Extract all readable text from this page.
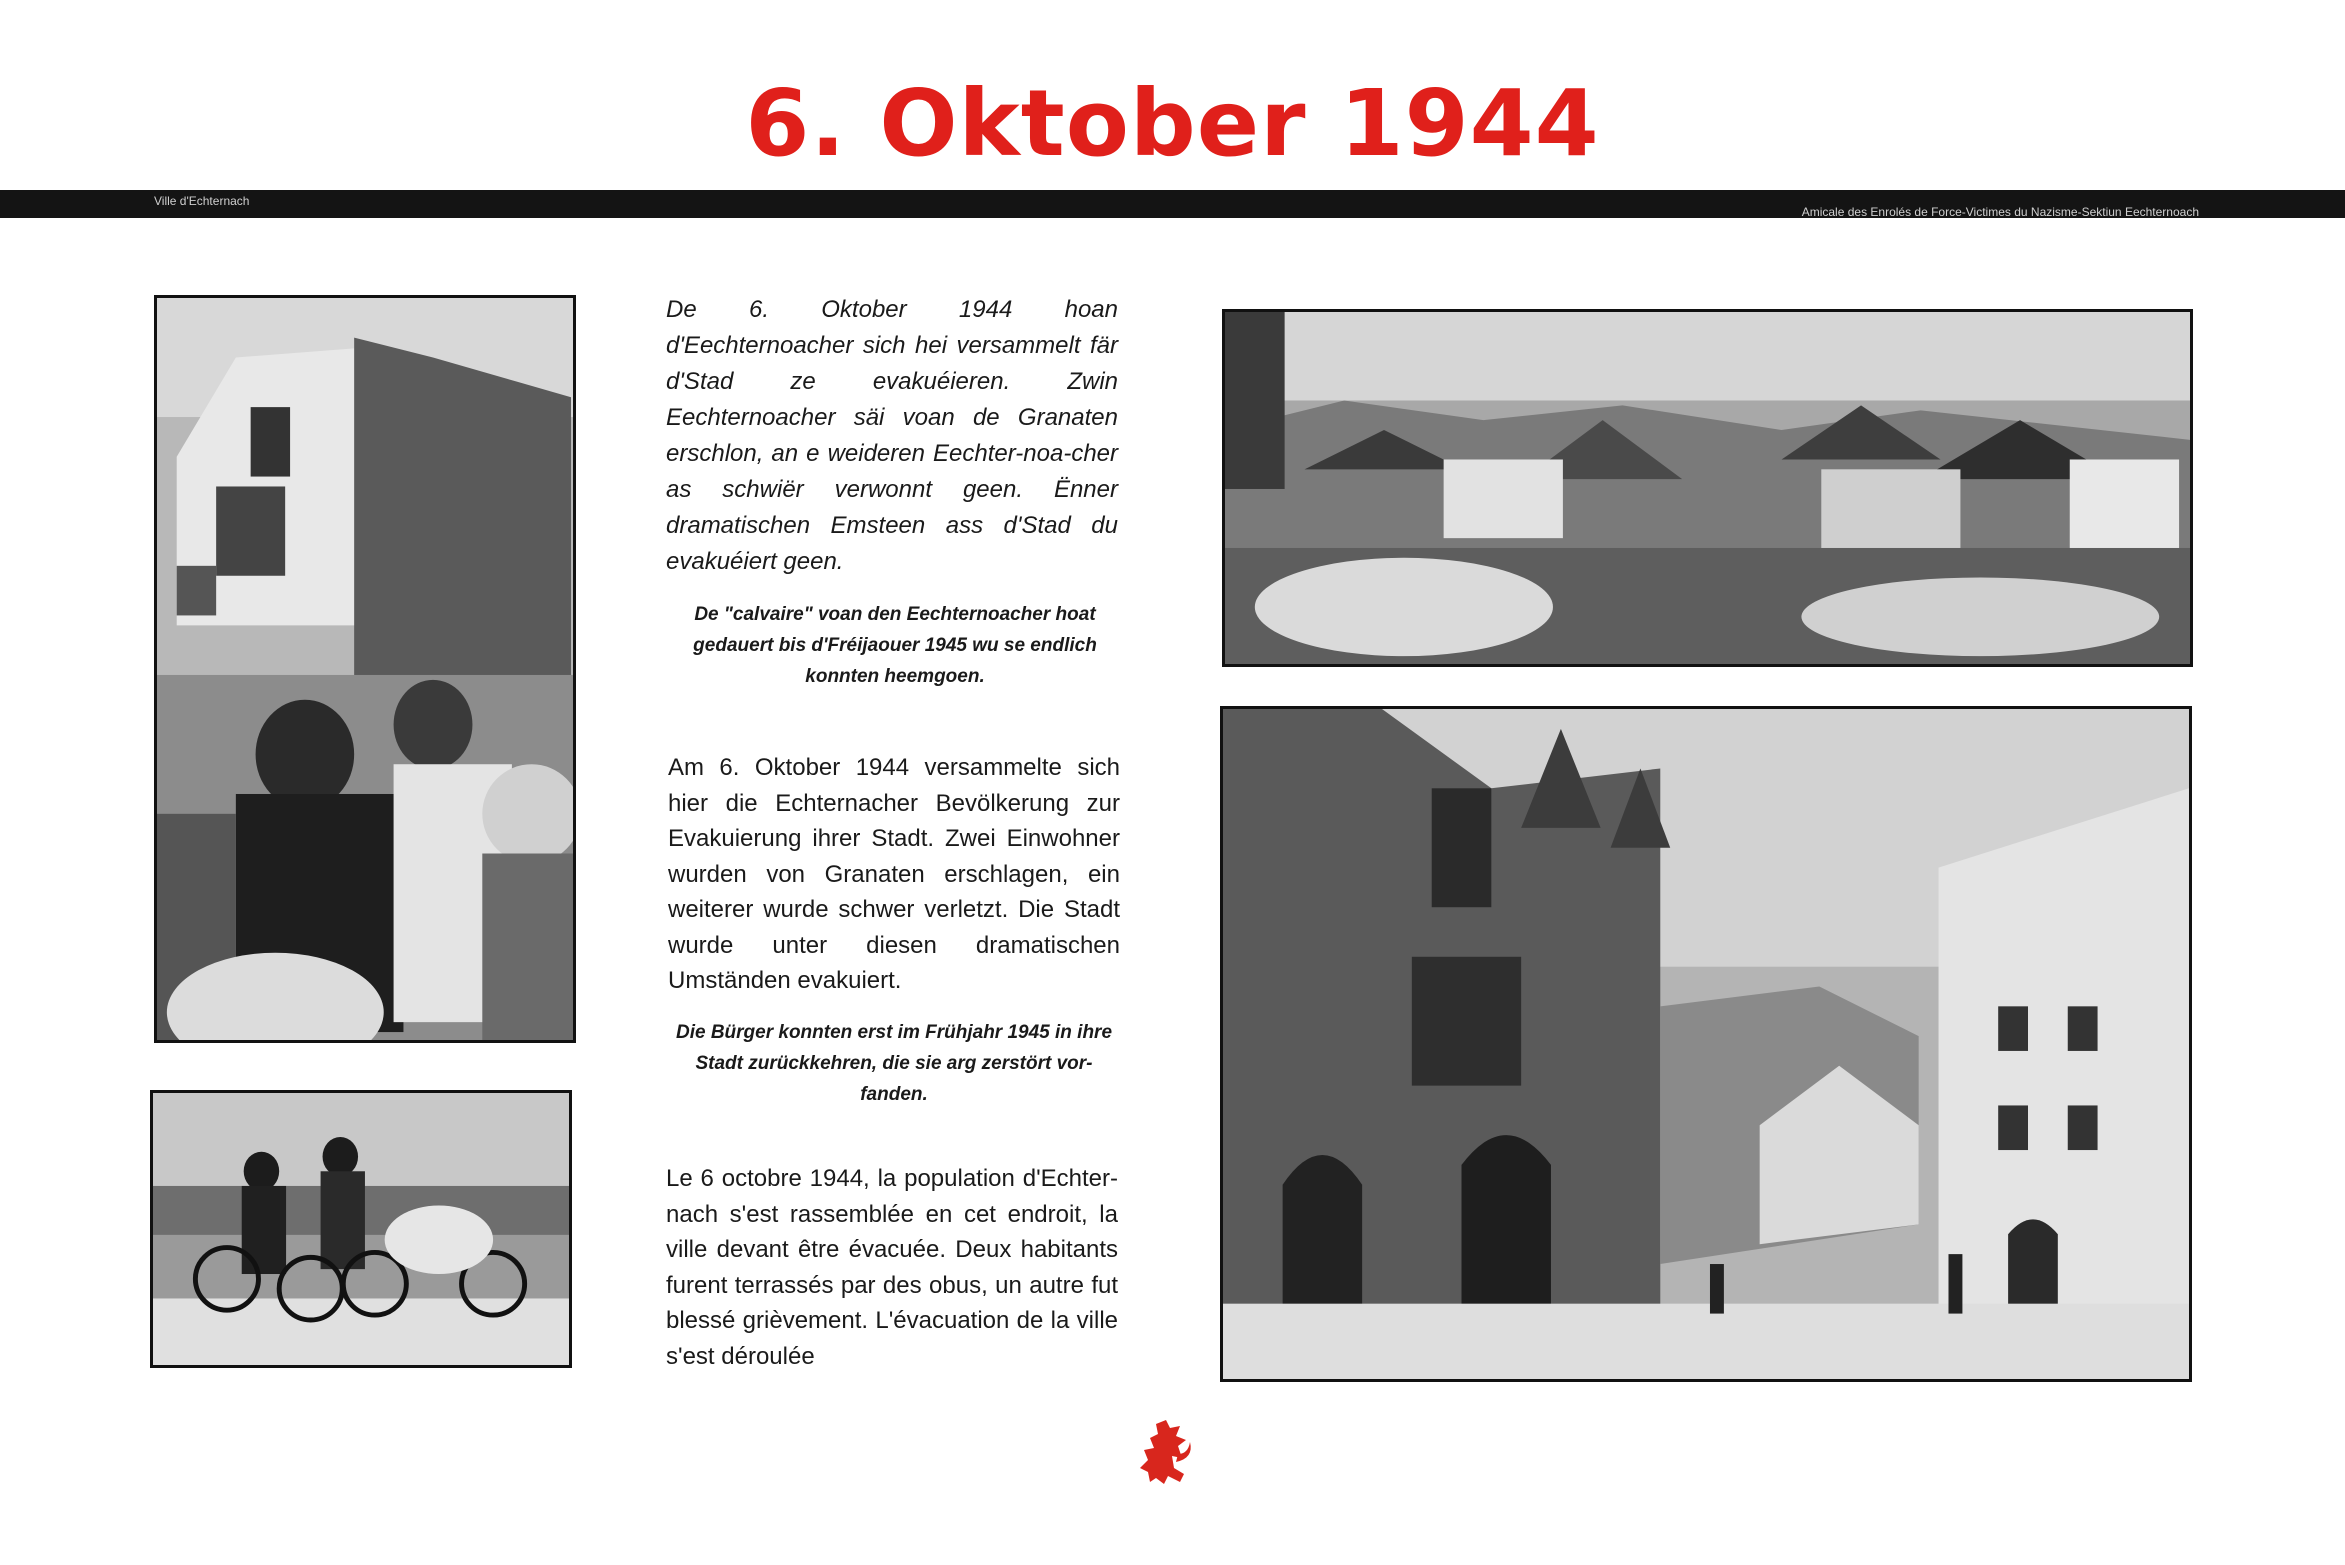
6. Oktober 1944
Ville d'Echternach
Amicale des Enrolés de Force-Victimes du Nazisme-Sektiun Eechternoach

De 6. Oktober 1944 hoan d'Eechternoacher sich hei versammelt fär d'Stad ze evakuéieren. Zwin Eechternoacher säi voan de Granaten erschlon, an e weideren Eechter-noa-cher as schwiër verwonnt geen. Ënner dramatischen Emsteen ass d'Stad du evakuéiert geen.

De "calvaire" voan den Eechternoacher hoat gedauert bis d'Fréijaouer 1945 wu se endlich konnten heemgoen.

Am 6. Oktober 1944 versammelte sich hier die Echternacher Bevölkerung zur Evakuierung ihrer Stadt. Zwei Einwohner wurden von Granaten erschlagen, ein weiterer wurde schwer verletzt. Die Stadt wurde unter diesen dramatischen Umständen evakuiert.

Die Bürger konnten erst im Frühjahr 1945 in ihre Stadt zurückkehren, die sie arg zerstört vor-fanden.

Le 6 octobre 1944, la population d'Echter-nach s'est rassemblée en cet endroit, la ville devant être évacuée. Deux habitants furent terrassés par des obus, un autre fut blessé grièvement. L'évacuation de la ville s'est déroulée
